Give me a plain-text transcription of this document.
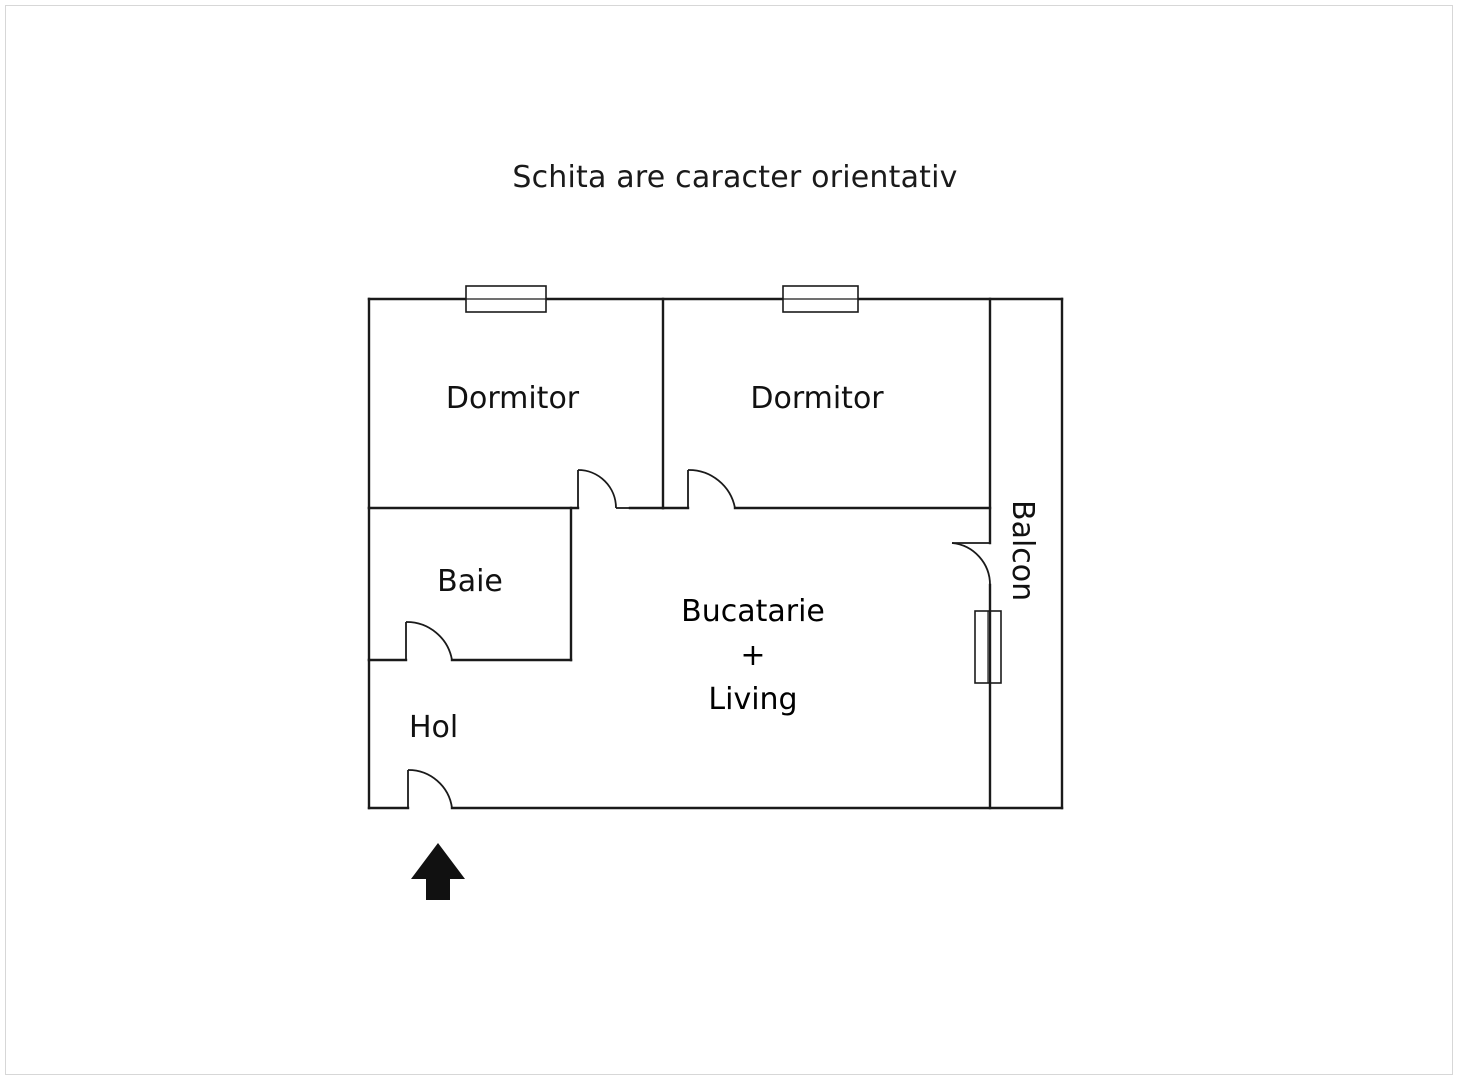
Schita are caracter orientativ
Dormitor	Dormitor
Baie
Hol
Balcon
Bucatarie
+
Living
